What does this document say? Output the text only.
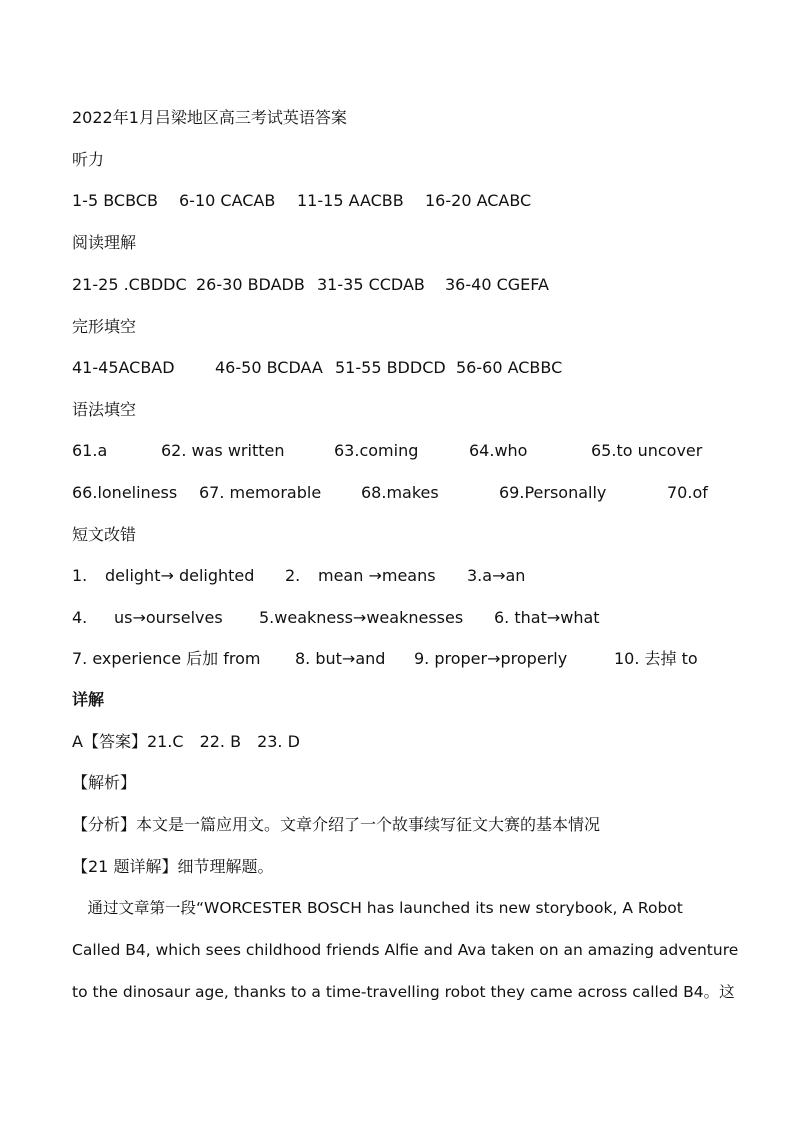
2022年1月吕梁地区高三考试英语答案
听力
1-5 BCBCB 6-10 CACAB 11-15 AACBB 16-20 ACABC
阅读理解
21-25 .CBDDC 26-30 BDADB 31-35 CCDAB 36-40 CGEFA
完形填空
41-45ACBAD	46-50 BCDAA 51-55 BDDCD 56-60 ACBBC
语法填空
61.a	62. was written	63.coming	64.who	65.to uncover
66.loneliness 67. memorable 68.makes	69.Personally	70.of
短文改错
1. delight→ delighted 2. mean →means 3.a→an
4. us→ourselves 5.weakness→weaknesses 6. that→what
7. experience 后加 from 8. but→and 9. proper→properly	10. 去掉 to
详解
A【答案】21.C　22. B　23. D
【解析】
【分析】本文是一篇应用文。文章介绍了一个故事续写征文大赛的基本情况
【21 题详解】细节理解题。
　通过文章第一段“WORCESTER BOSCH has launched its new storybook, A Robot
Called B4, which sees childhood friends Alfie and Ava taken on an amazing adventure
to the dinosaur age, thanks to a time-travelling robot they came across called B4。这
